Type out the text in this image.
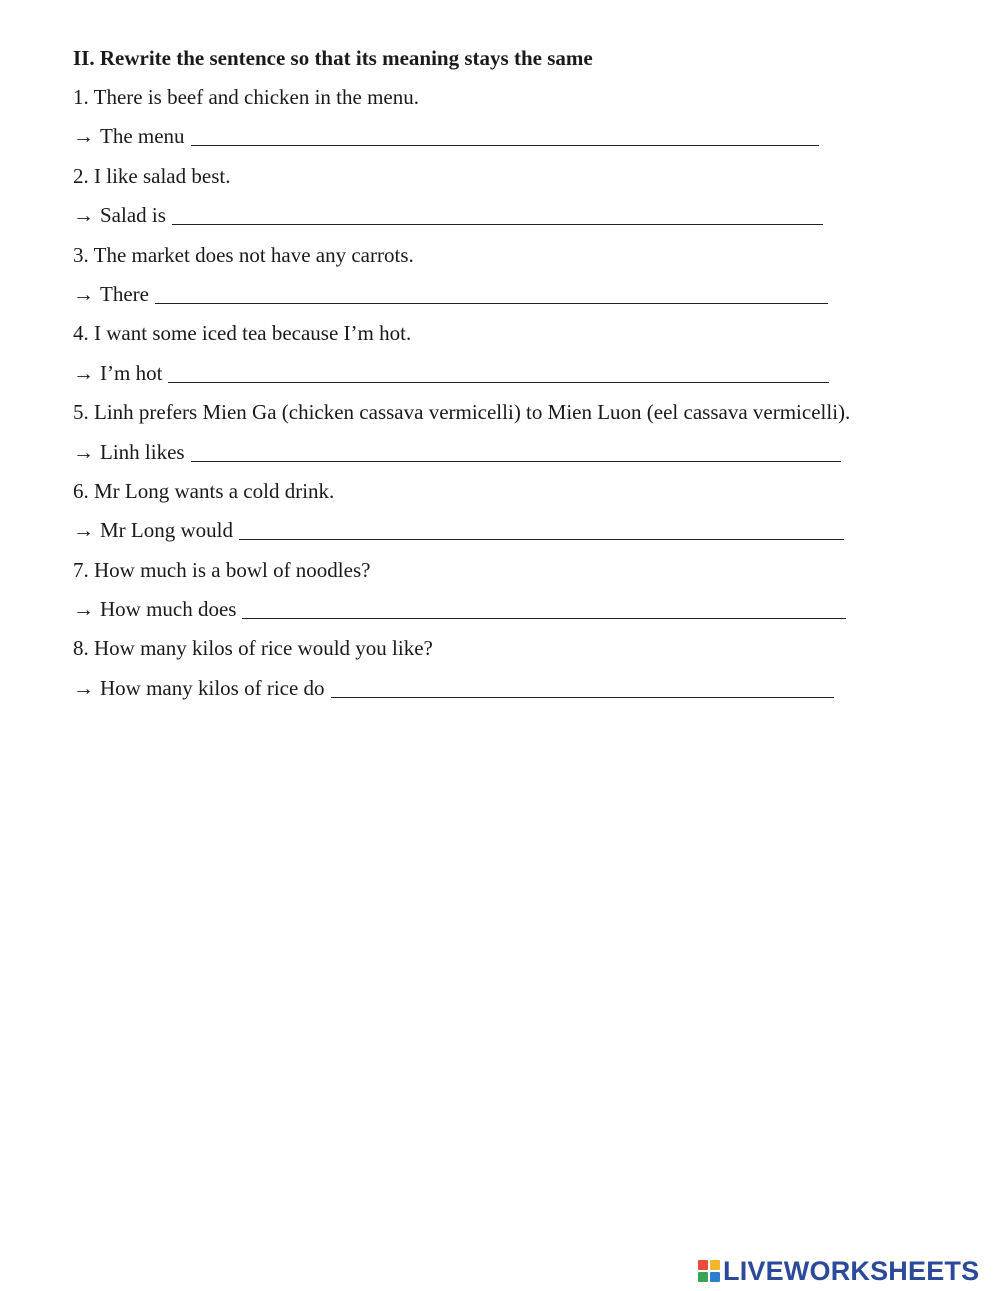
II. Rewrite the sentence so that its meaning stays the same
1. There is beef and chicken in the menu.
→ The menu
2. I like salad best.
→ Salad is
3. The market does not have any carrots.
→ There
4. I want some iced tea because I’m hot.
→ I’m hot
5. Linh prefers Mien Ga (chicken cassava vermicelli) to Mien Luon (eel cassava vermicelli).
→ Linh likes
6. Mr Long wants a cold drink.
→ Mr Long would
7. How much is a bowl of noodles?
→ How much does
8. How many kilos of rice would you like?
→ How many kilos of rice do
LIVEWORKSHEETS
